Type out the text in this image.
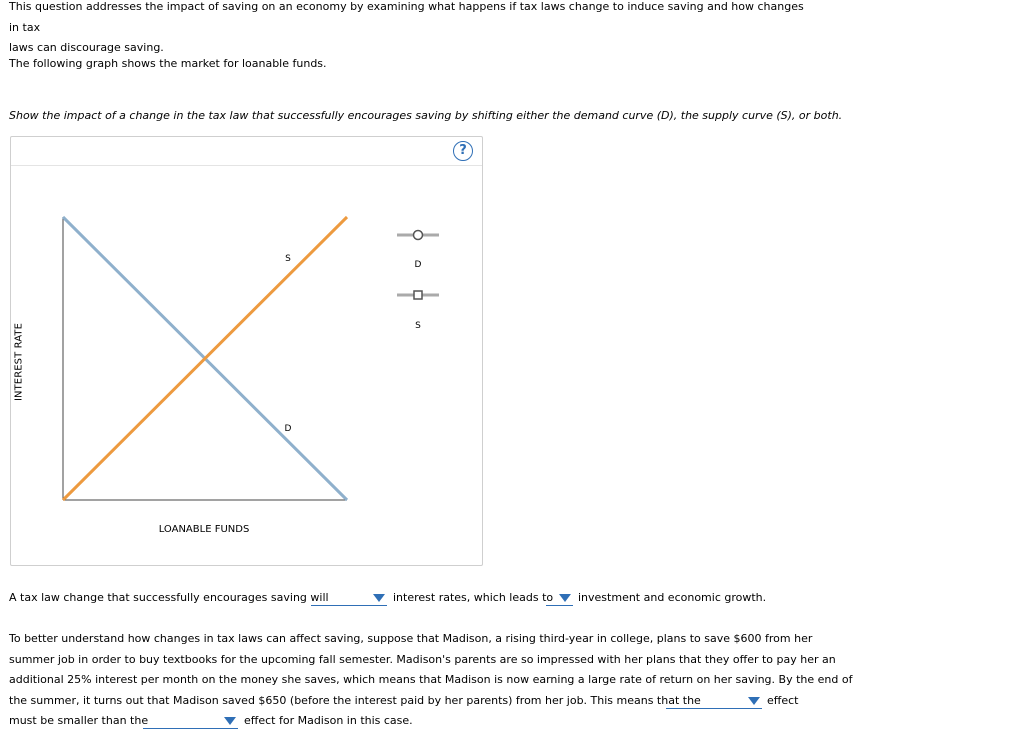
This question addresses the impact of saving on an economy by examining what happens if tax laws change to induce saving and how changes in tax
laws can discourage saving.

The following graph shows the market for loanable funds.

Show the impact of a change in the tax law that successfully encourages saving by shifting either the demand curve (D), the supply curve (S), or both.

?
INTEREST RATE
LOANABLE FUNDS
S
D
D
S
A tax law change that successfully encourages saving will	interest rates, which leads to investment and economic growth.
To better understand how changes in tax laws can affect saving, suppose that Madison, a rising third-year in college, plans to save $600 from her
summer job in order to buy textbooks for the upcoming fall semester. Madison's parents are so impressed with her plans that they offer to pay her an
additional 25% interest per month on the money she saves, which means that Madison is now earning a large rate of return on her saving. By the end of
the summer, it turns out that Madison saved $650 (before the interest paid by her parents) from her job. This means that the	effect
must be smaller than the	effect for Madison in this case.
